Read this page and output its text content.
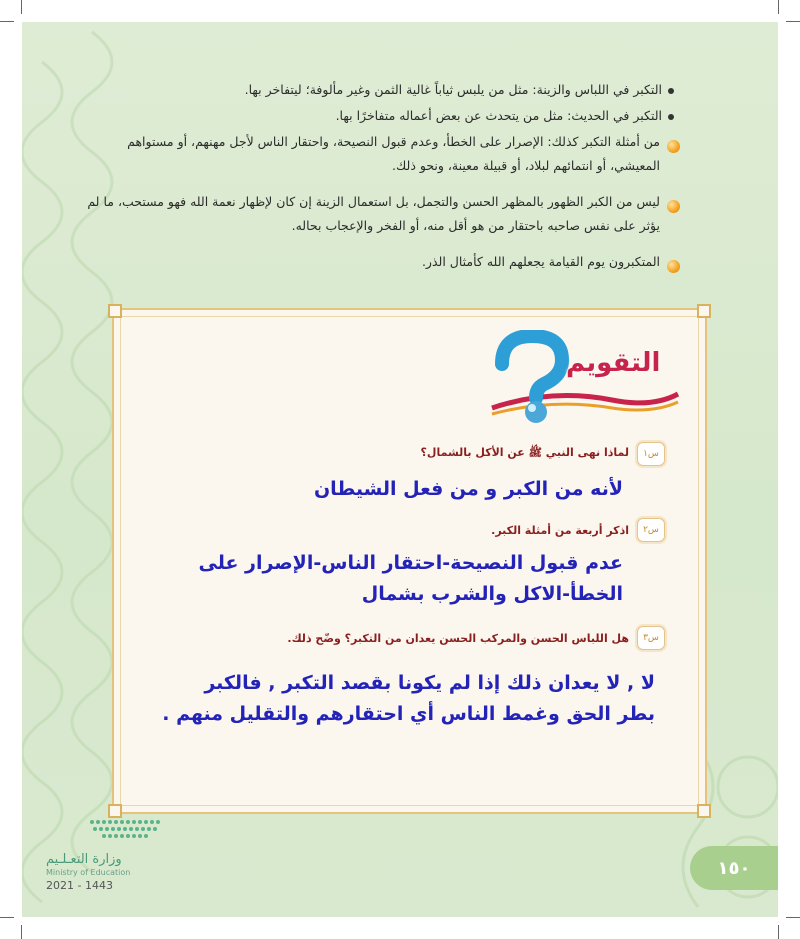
التكبر في اللباس والزينة: مثل من يلبس ثياباً غالية الثمن وغير مألوفة؛ ليتفاخر بها.
التكبر في الحديث: مثل من يتحدث عن بعض أعماله متفاخرًا بها.
من أمثلة التكبر كذلك: الإصرار على الخطأ، وعدم قبول النصيحة، واحتقار الناس لأجل مهنهم، أو مستواهم
المعيشي، أو انتمائهم لبلاد، أو قبيلة معينة، ونحو ذلك.
ليس من الكبر الظهور بالمظهر الحسن والتجمل، بل استعمال الزينة إن كان لإظهار نعمة الله فهو مستحب، ما لم
يؤثر على نفس صاحبه باحتقار من هو أقل منه، أو الفخر والإعجاب بحاله.
المتكبرون يوم القيامة يجعلهم الله كأمثال الذر.
التقويم
س١
لماذا نهى النبي ﷺ عن الأكل بالشمال؟
لأنه من الكبر و من فعل الشيطان
س٢
اذكر أربعة من أمثلة الكبر.
عدم قبول النصيحة-احتقار الناس-الإصرار على
الخطأ-الاكل والشرب بشمال
س٣
هل اللباس الحسن والمركب الحسن يعدان من التكبر؟ وضّح ذلك.
لا , لا يعدان ذلك إذا لم يكونا بقصد التكبر , فالكبر
بطر الحق وغمط الناس أي احتقارهم والتقليل منهم .
وزارة التعـلـيم
Ministry of Education
2021 - 1443
١٥٠
